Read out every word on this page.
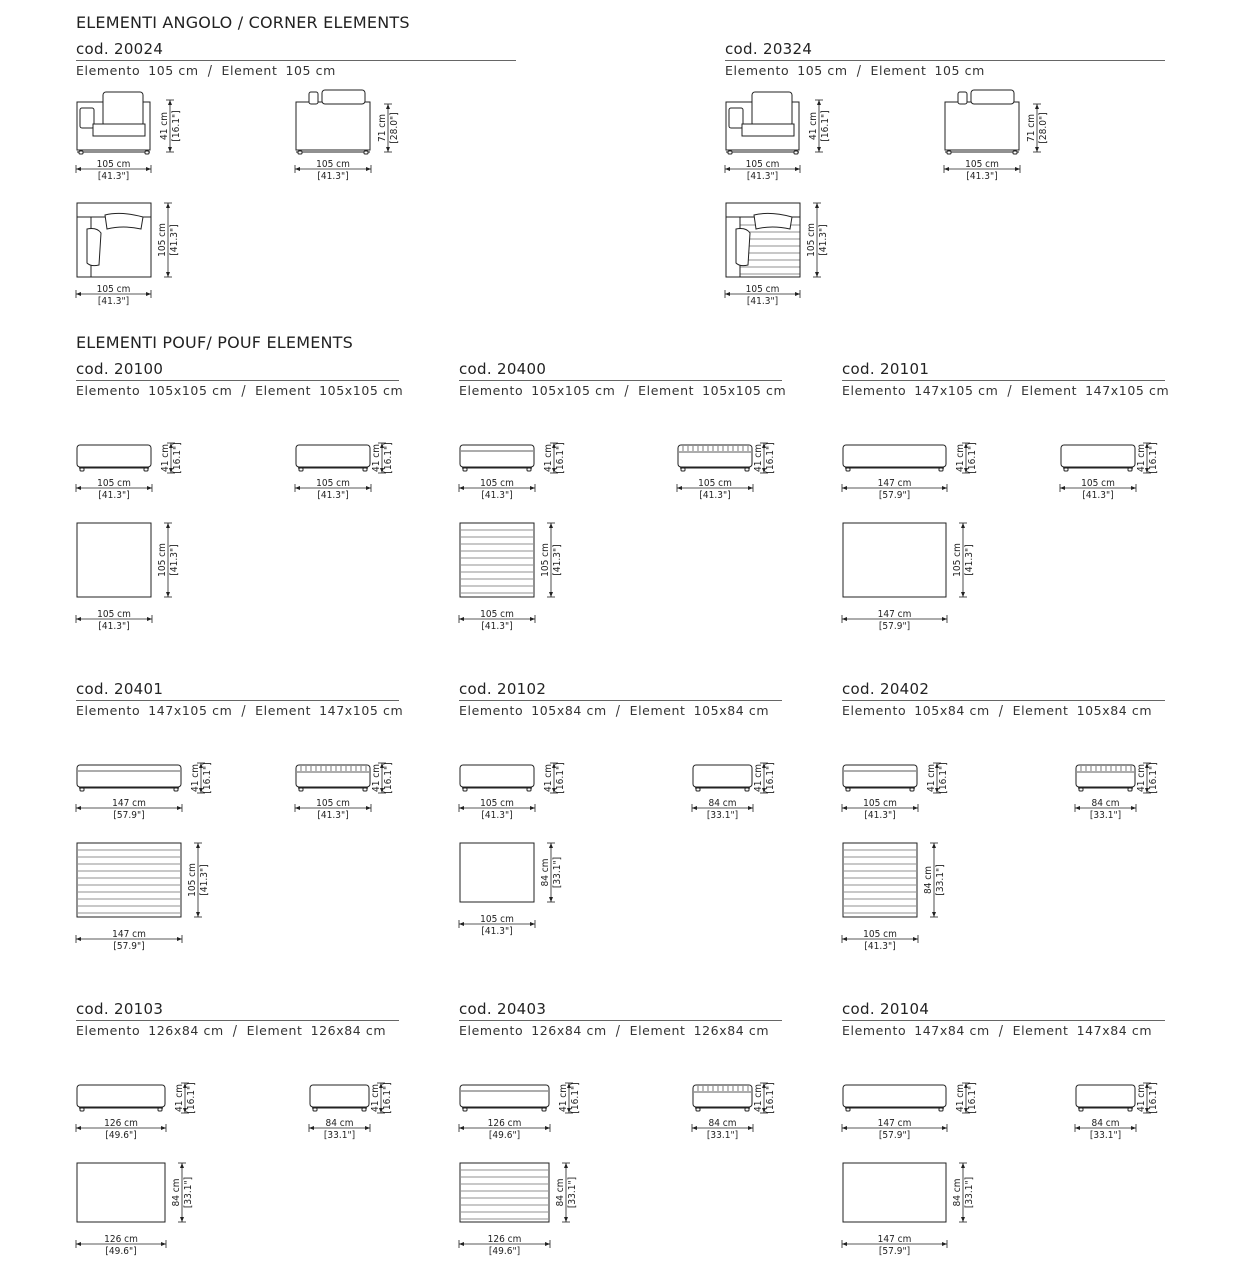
ELEMENTI ANGOLO / CORNER ELEMENTS
ELEMENTI POUF/ POUF ELEMENTS
cod. 20024
Elemento 105 cm / Element 105 cm
cod. 20324
Elemento 105 cm / Element 105 cm
cod. 20100
Elemento 105x105 cm / Element 105x105 cm
cod. 20400
Elemento 105x105 cm / Element 105x105 cm
cod. 20101
Elemento 147x105 cm / Element 147x105 cm
cod. 20401
Elemento 147x105 cm / Element 147x105 cm
cod. 20102
Elemento 105x84 cm / Element 105x84 cm
cod. 20402
Elemento 105x84 cm / Element 105x84 cm
cod. 20103
Elemento 126x84 cm / Element 126x84 cm
cod. 20403
Elemento 126x84 cm / Element 126x84 cm
cod. 20104
Elemento 147x84 cm / Element 147x84 cm
105 cm
[41.3"]
41 cm [16.1"]
105 cm
[41.3"]
71 cm [28.0"]
105 cm
[41.3"]
105 cm [41.3"]
105 cm
[41.3"]
41 cm [16.1"]
105 cm
[41.3"]
71 cm [28.0"]
105 cm
[41.3"]
105 cm [41.3"]
105 cm
[41.3"]
41 cm [16.1"]
105 cm
[41.3"]
41 cm [16.1"]
105 cm
[41.3"]
105 cm [41.3"]
105 cm
[41.3"]
41 cm [16.1"]
105 cm
[41.3"]
41 cm [16.1"]
105 cm
[41.3"]
105 cm [41.3"]
147 cm
[57.9"]
41 cm [16.1"]
105 cm
[41.3"]
41 cm [16.1"]
147 cm
[57.9"]
105 cm [41.3"]
147 cm
[57.9"]
41 cm [16.1"]
105 cm
[41.3"]
41 cm [16.1"]
147 cm
[57.9"]
105 cm [41.3"]
105 cm
[41.3"]
41 cm [16.1"]
84 cm
[33.1"]
41 cm [16.1"]
105 cm
[41.3"]
84 cm [33.1"]
105 cm
[41.3"]
41 cm [16.1"]
84 cm
[33.1"]
41 cm [16.1"]
105 cm
[41.3"]
84 cm [33.1"]
126 cm
[49.6"]
41 cm [16.1"]
84 cm
[33.1"]
41 cm [16.1"]
126 cm
[49.6"]
84 cm [33.1"]
126 cm
[49.6"]
41 cm [16.1"]
84 cm
[33.1"]
41 cm [16.1"]
126 cm
[49.6"]
84 cm [33.1"]
147 cm
[57.9"]
41 cm [16.1"]
84 cm
[33.1"]
41 cm [16.1"]
147 cm
[57.9"]
84 cm [33.1"]
